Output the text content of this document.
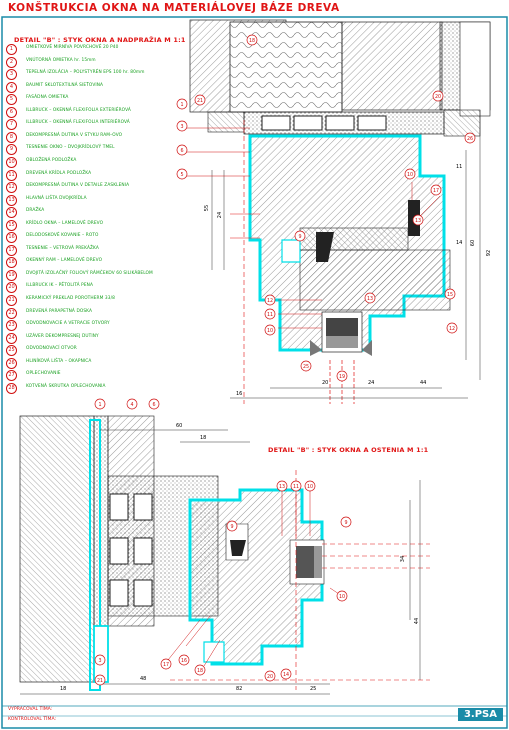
KONŠTRUKCIA OKNA NA MATERIÁLOVEJ BÁZE DREVA
DETAIL "B" : STYK OKNA A NADPRAŽIA M 1:1
DETAIL "B" : STYK OKNA A OSTENIA M 1:1
1	OMIETKOVÉ MIRNÍVA POVRCHOVÉ 20 P40
2	VNÚTORNÁ OMIETKA hr. 15mm
3	TEPELNÁ IZOLÁCIA – POLYSTYRÉN EPS 100 hr. 80mm
4	BAUMIT SKLOTEXTILNÁ SIEŤOVINA
5	FASÁDNA OMIETKA
6	ILLBRUCK – OKENNÁ FLEXIFOLIA EXTERIÉROVÁ
7	ILLBRUCK – OKENNÁ FLEXIFOLIA INTERIÉROVÁ
8	DEKOMPRESNÁ DUTINA V STYKU RAM–OVO
9	TESNENIE OKNO – DVOJKRÍDLOVÝ TMEL
10	OBLOŽENÁ PODLOŽKA
11	DREVENÁ KRÍDLA PODLOŽKA
12	DEKOMPRESNÁ DUTINA V DETAILE ZASKLENIA
13	HLAVNÁ LIŠTA DVOJKRÍDLA
14	DRAŽKA
15	KRÍDLO OKNA – LAMELOVÉ DREVO
16	DELODOSKOVÉ KOVANIE – ROTO
17	TESNENIE – VETROVÁ PREKÁŽKA
18	OKENNÝ RAM – LAMELOVÉ DREVO
19	DVOJITÁ IZOLAČNÝ FOLIOVÝ RÁMČEKOV 60 SILIKÁBELOM
20	ILLBRUCK IK – PĚTOLITÁ PENA
21	KERAMICKÝ PREKLAD POROTHERM 33/8
22	DREVENÁ PARAPETNÁ DOSKA
23	ODVODNOVACIE A VETRACIE OTVORY
24	UZÁVER DEKOMPRESNEJ DUTINY
25	ODVODNOVACÍ OTVOR
26	HLINÍKOVÁ LIŠTA – OKAPNICA
27	OPLECHOVANIE
28	KOTVENÁ SKRUTKA OPLECHOVANIA
3
6
5
1
21
18
20
26
10
17
13
9
12
11
10
13
15
12
19
25
1	4	6
3
21
17
16
18
20 14
13 11 10
9
10
9
20	24	44
16
60
11
14
92
55
24
18
48
82	25
60
18
34
44
VYPRACOVAL TÍMA:
KONTROLOVAL TÍMA:	3.PSA
